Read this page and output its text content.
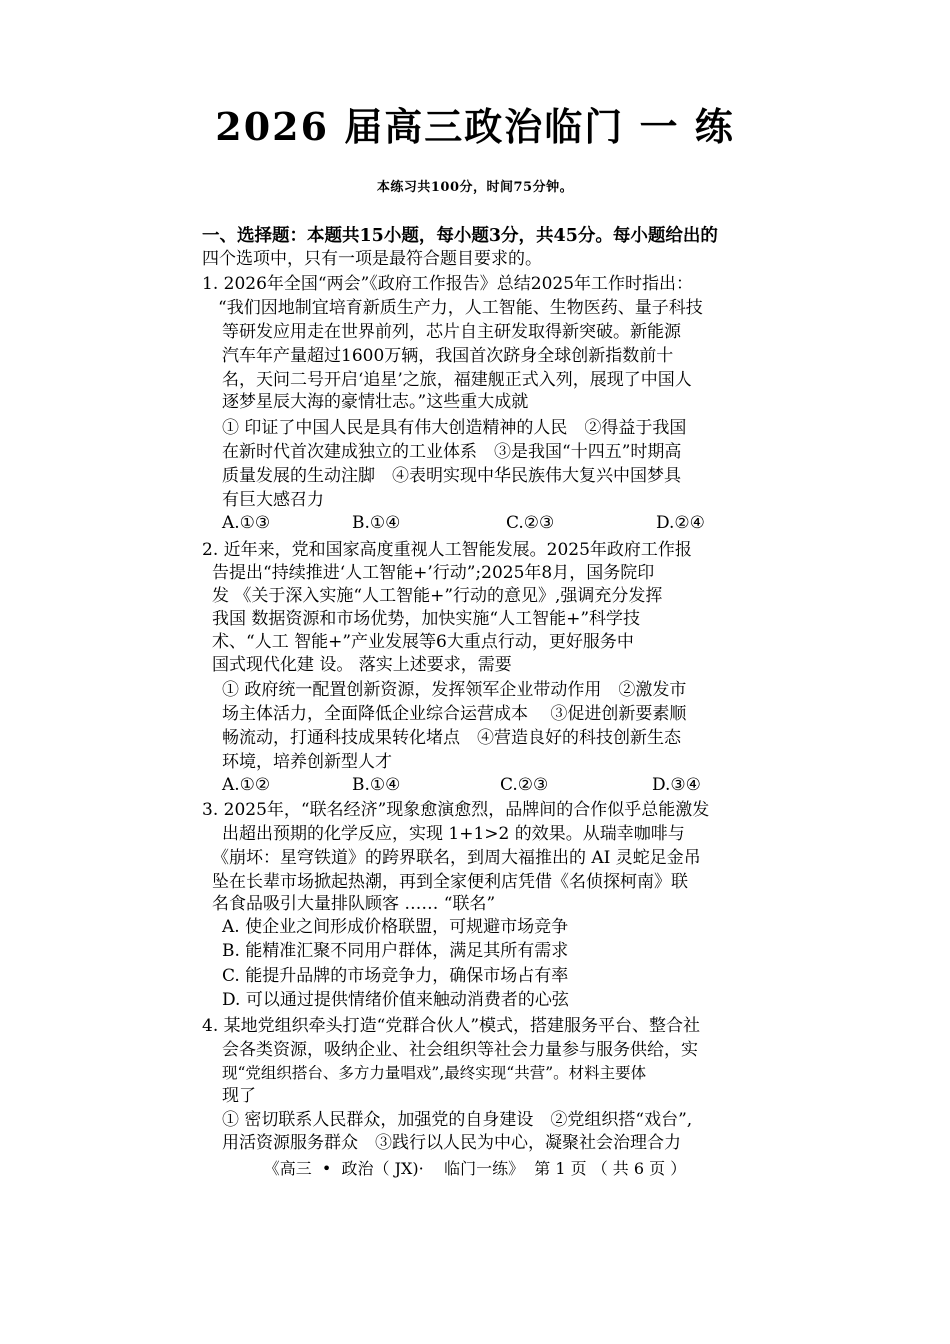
2026 届高三政治临门 一 练
本练习共100分，时间75分钟。
一、选择题：本题共15小题，每小题3分，共45分。每小题给出的
四个选项中，只有一项是最符合题目要求的。
1. 2026年全国“两会”《政府工作报告》总结2025年工作时指出：
“我们因地制宜培育新质生产力，人工智能、生物医药、量子科技
等研发应用走在世界前列，芯片自主研发取得新突破。新能源
汽车年产量超过1600万辆，我国首次跻身全球创新指数前十
名，天问二号开启‘追星’之旅，福建舰正式入列，展现了中国人
逐梦星辰大海的豪情壮志。”这些重大成就
① 印证了中国人民是具有伟大创造精神的人民　②得益于我国
在新时代首次建成独立的工业体系　③是我国“十四五”时期高
质量发展的生动注脚　④表明实现中华民族伟大复兴中国梦具
有巨大感召力
A.①③	B.①④	C.②③	D.②④
2. 近年来，党和国家高度重视人工智能发展。2025年政府工作报
告提出“持续推进‘人工智能+’行动”;2025年8月，国务院印
发 《关于深入实施“人工智能+”行动的意见》,强调充分发挥
我国 数据资源和市场优势，加快实施“人工智能+”科学技
术、“人工 智能+”产业发展等6大重点行动，更好服务中
国式现代化建 设。 落实上述要求，需要
① 政府统一配置创新资源，发挥领军企业带动作用　②激发市
场主体活力，全面降低企业综合运营成本　 ③促进创新要素顺
畅流动，打通科技成果转化堵点　④营造良好的科技创新生态
环境，培养创新型人才
A.①②	B.①④	C.②③	D.③④
3. 2025年，“联名经济”现象愈演愈烈，品牌间的合作似乎总能激发
出超出预期的化学反应，实现 1+1>2 的效果。从瑞幸咖啡与
《崩坏：星穹铁道》的跨界联名，到周大福推出的 AI 灵蛇足金吊
坠在长辈市场掀起热潮，再到全家便利店凭借《名侦探柯南》联
名食品吸引大量排队顾客 …… “联名”
A. 使企业之间形成价格联盟，可规避市场竞争
B. 能精准汇聚不同用户群体，满足其所有需求
C. 能提升品牌的市场竞争力，确保市场占有率
D. 可以通过提供情绪价值来触动消费者的心弦
4. 某地党组织牵头打造“党群合伙人”模式，搭建服务平台、整合社
会各类资源，吸纳企业、社会组织等社会力量参与服务供给，实
现“党组织搭台、多方力量唱戏”,最终实现“共营”。材料主要体
现了
① 密切联系人民群众，加强党的自身建设　②党组织搭“戏台”,
用活资源服务群众　③践行以人民为中心，凝聚社会治理合力
《高三  •  政治（ JX)·    临门一练》  第 1 页 （ 共 6 页 ）
